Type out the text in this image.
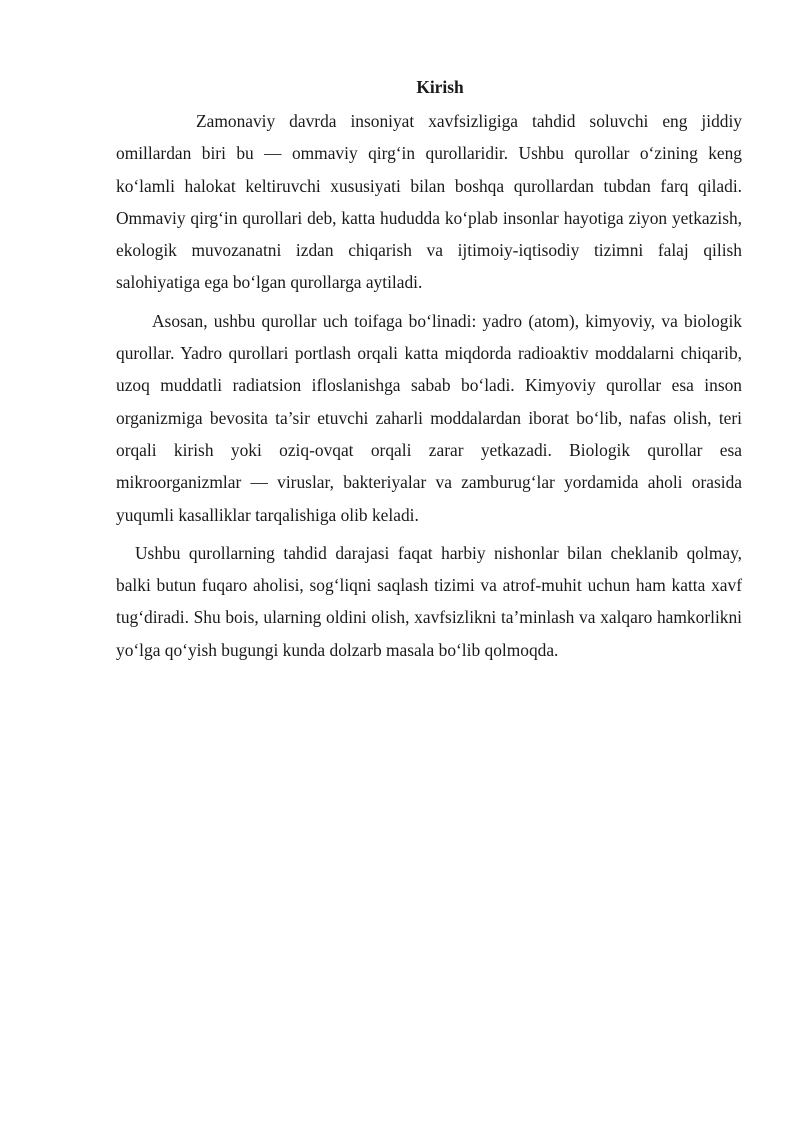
Kirish

Zamonaviy davrda insoniyat xavfsizligiga tahdid soluvchi eng jiddiy omillardan biri bu — ommaviy qirg‘in qurollaridir. Ushbu qurollar o‘zining keng ko‘lamli halokat keltiruvchi xususiyati bilan boshqa qurollardan tubdan farq qiladi. Ommaviy qirg‘in qurollari deb, katta hududda ko‘plab insonlar hayotiga ziyon yetkazish, ekologik muvozanatni izdan chiqarish va ijtimoiy-iqtisodiy tizimni falaj qilish salohiyatiga ega bo‘lgan qurollarga aytiladi.

Asosan, ushbu qurollar uch toifaga bo‘linadi: yadro (atom), kimyoviy, va biologik qurollar. Yadro qurollari portlash orqali katta miqdorda radioaktiv moddalarni chiqarib, uzoq muddatli radiatsion ifloslanishga sabab bo‘ladi. Kimyoviy qurollar esa inson organizmiga bevosita ta’sir etuvchi zaharli moddalardan iborat bo‘lib, nafas olish, teri orqali kirish yoki oziq-ovqat orqali zarar yetkazadi. Biologik qurollar esa mikroorganizmlar — viruslar, bakteriyalar va zamburug‘lar yordamida aholi orasida yuqumli kasalliklar tarqalishiga olib keladi.

Ushbu qurollarning tahdid darajasi faqat harbiy nishonlar bilan cheklanib qolmay, balki butun fuqaro aholisi, sog‘liqni saqlash tizimi va atrof-muhit uchun ham katta xavf tug‘diradi. Shu bois, ularning oldini olish, xavfsizlikni ta’minlash va xalqaro hamkorlikni yo‘lga qo‘yish bugungi kunda dolzarb masala bo‘lib qolmoqda.
